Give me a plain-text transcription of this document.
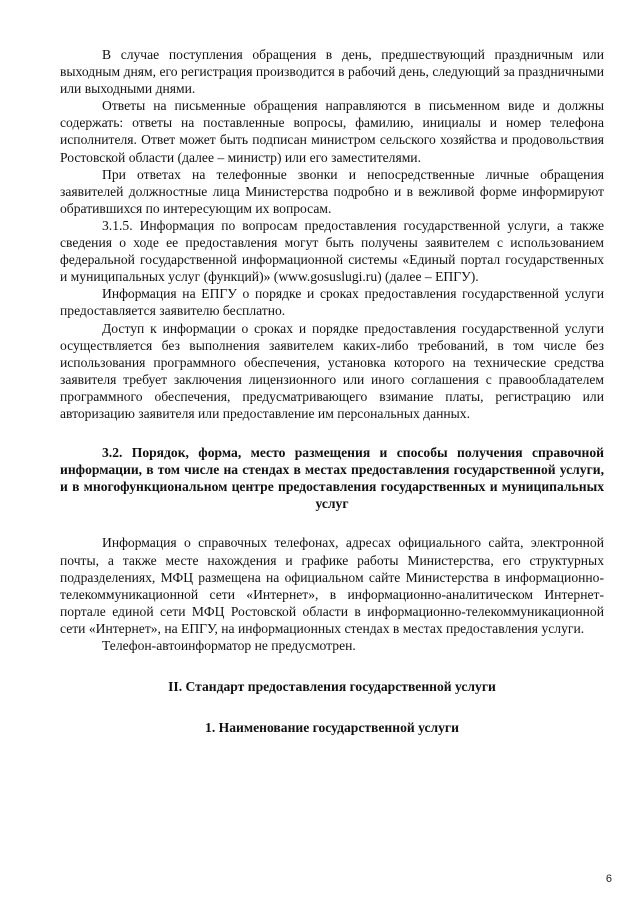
В случае поступления обращения в день, предшествующий праздничным или выходным дням, его регистрация производится в рабочий день, следующий за праздничными или выходными днями.

Ответы на письменные обращения направляются в письменном виде и должны содержать: ответы на поставленные вопросы, фамилию, инициалы и номер телефона исполнителя. Ответ может быть подписан министром сельского хозяйства и продовольствия Ростовской области (далее – министр) или его заместителями.

При ответах на телефонные звонки и непосредственные личные обращения заявителей должностные лица Министерства подробно и в вежливой форме информируют обратившихся по интересующим их вопросам.

3.1.5. Информация по вопросам предоставления государственной услуги, а также сведения о ходе ее предоставления могут быть получены заявителем с использованием федеральной государственной информационной системы «Единый портал государственных и муниципальных услуг (функций)» (www.gosuslugi.ru) (далее – ЕПГУ).

Информация на ЕПГУ о порядке и сроках предоставления государственной услуги предоставляется заявителю бесплатно.

Доступ к информации о сроках и порядке предоставления государственной услуги осуществляется без выполнения заявителем каких-либо требований, в том числе без использования программного обеспечения, установка которого на технические средства заявителя требует заключения лицензионного или иного соглашения с правообладателем программного обеспечения, предусматривающего взимание платы, регистрацию или авторизацию заявителя или предоставление им персональных данных.

3.2. Порядок, форма, место размещения и способы получения справочной информации, в том числе на стендах в местах предоставления государственной услуги, и в многофункциональном центре предоставления государственных и муниципальных услуг

Информация о справочных телефонах, адресах официального сайта, электронной почты, а также месте нахождения и графике работы Министерства, его структурных подразделениях, МФЦ размещена на официальном сайте Министерства в информационно-телекоммуникационной сети «Интернет», в информационно-аналитическом Интернет-портале единой сети МФЦ Ростовской области в информационно-телекоммуникационной сети «Интернет», на ЕПГУ, на информационных стендах в местах предоставления услуги.

Телефон-автоинформатор не предусмотрен.

II. Стандарт предоставления государственной услуги

1. Наименование государственной услуги

6
